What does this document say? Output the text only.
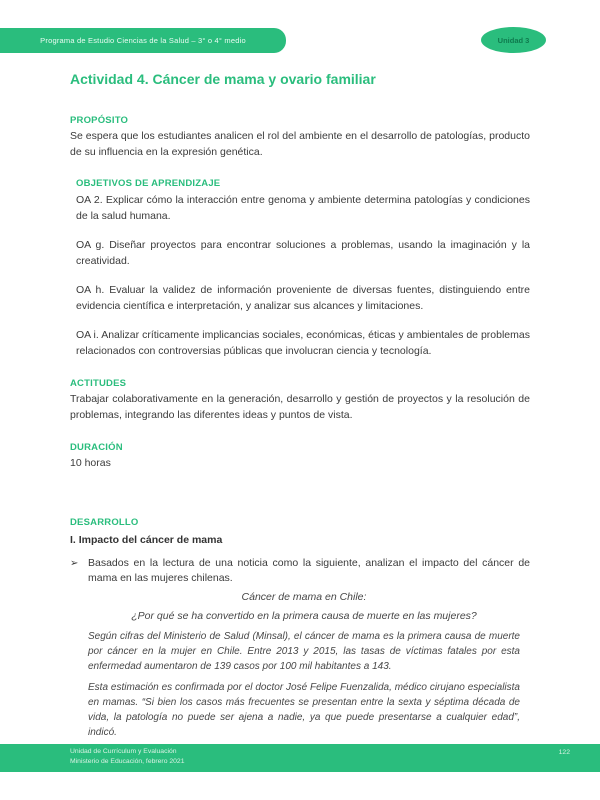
Programa de Estudio Ciencias de la Salud – 3° o 4° medio	Unidad 3
Actividad 4. Cáncer de mama y ovario familiar
PROPÓSITO

Se espera que los estudiantes analicen el rol del ambiente en el desarrollo de patologías, producto de su influencia en la expresión genética.

OBJETIVOS DE APRENDIZAJE

OA 2. Explicar cómo la interacción entre genoma y ambiente determina patologías y condiciones de la salud humana.

OA g. Diseñar proyectos para encontrar soluciones a problemas, usando la imaginación y la creatividad.

OA h. Evaluar la validez de información proveniente de diversas fuentes, distinguiendo entre evidencia científica e interpretación, y analizar sus alcances y limitaciones.

OA i. Analizar críticamente implicancias sociales, económicas, éticas y ambientales de problemas relacionados con controversias públicas que involucran ciencia y tecnología.

ACTITUDES

Trabajar colaborativamente en la generación, desarrollo y gestión de proyectos y la resolución de problemas, integrando las diferentes ideas y puntos de vista.

DURACIÓN

10 horas

DESARROLLO
I. Impacto del cáncer de mama
➢ Basados en la lectura de una noticia como la siguiente, analizan el impacto del cáncer de mama en las mujeres chilenas.

Cáncer de mama en Chile:

¿Por qué se ha convertido en la primera causa de muerte en las mujeres?

Según cifras del Ministerio de Salud (Minsal), el cáncer de mama es la primera causa de muerte por cáncer en la mujer en Chile. Entre 2013 y 2015, las tasas de víctimas fatales por esta enfermedad aumentaron de 139 casos por 100 mil habitantes a 143.

Esta estimación es confirmada por el doctor José Felipe Fuenzalida, médico cirujano especialista en mamas. “Si bien los casos más frecuentes se presentan entre la sexta y séptima década de vida, la patología no puede ser ajena a nadie, ya que puede presentarse a cualquier edad”, indicó.

Unidad de Currículum y Evaluación
Ministerio de Educación, febrero 2021
122
